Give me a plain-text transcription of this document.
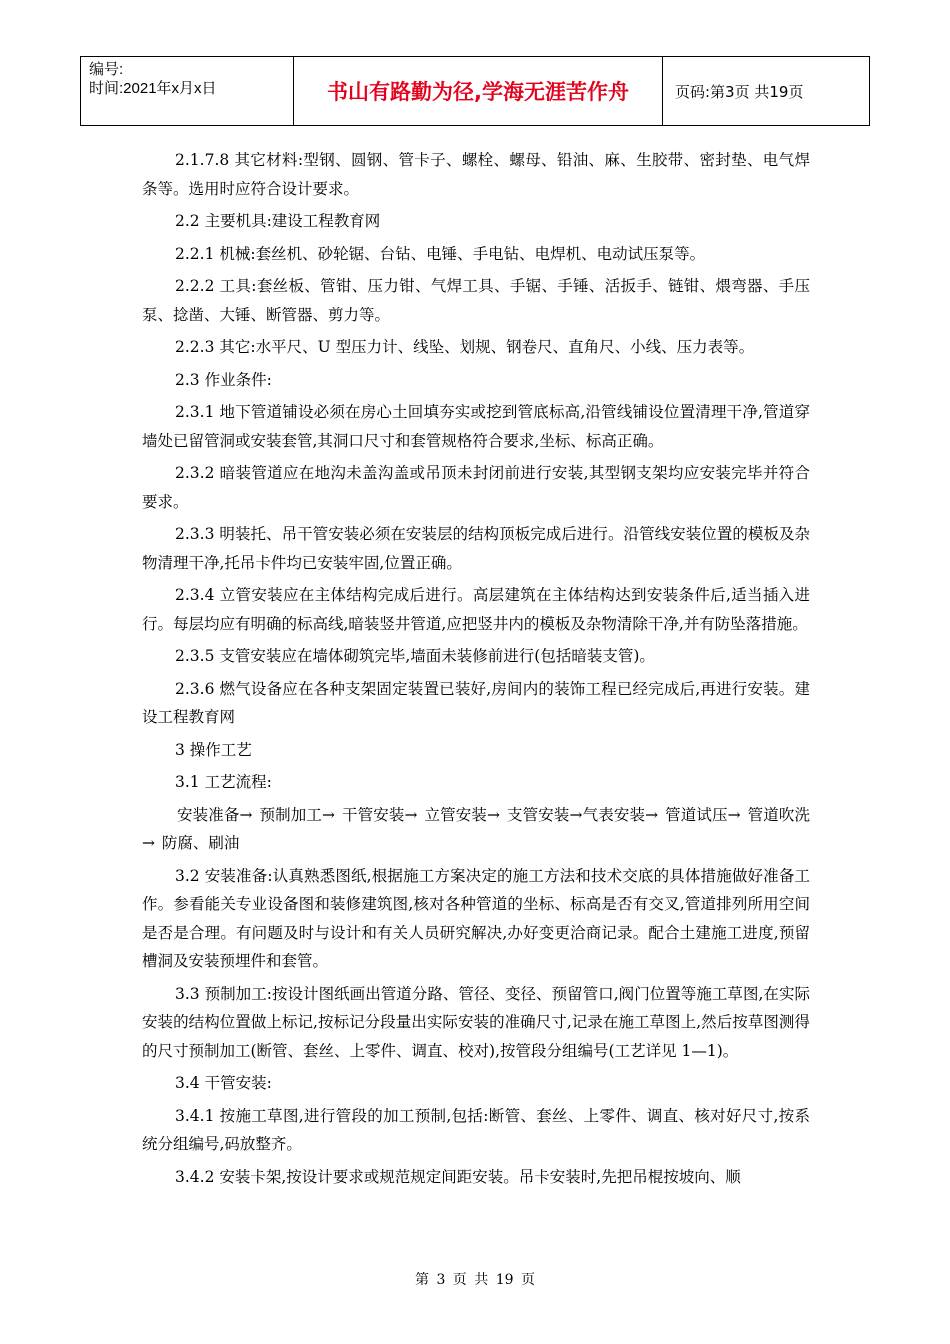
编号:
时间:2021年x月x日	书山有路勤为径,学海无涯苦作舟	页码:第3页 共19页

2.1.7.8 其它材料:型钢、圆钢、管卡子、螺栓、螺母、铅油、麻、生胶带、密封垫、电气焊条等。选用时应符合设计要求。

2.2 主要机具:建设工程教育网

2.2.1 机械:套丝机、砂轮锯、台钻、电锤、手电钻、电焊机、电动试压泵等。

2.2.2 工具:套丝板、管钳、压力钳、气焊工具、手锯、手锤、活扳手、链钳、煨弯器、手压泵、捻凿、大锤、断管器、剪力等。

2.2.3 其它:水平尺、U 型压力计、线坠、划规、钢卷尺、直角尺、小线、压力表等。

2.3 作业条件:

2.3.1 地下管道铺设必须在房心土回填夯实或挖到管底标高,沿管线铺设位置清理干净,管道穿墙处已留管洞或安装套管,其洞口尺寸和套管规格符合要求,坐标、标高正确。

2.3.2 暗装管道应在地沟未盖沟盖或吊顶未封闭前进行安装,其型钢支架均应安装完毕并符合要求。

2.3.3 明装托、吊干管安装必须在安装层的结构顶板完成后进行。沿管线安装位置的模板及杂物清理干净,托吊卡件均已安装牢固,位置正确。

2.3.4 立管安装应在主体结构完成后进行。高层建筑在主体结构达到安装条件后,适当插入进行。每层均应有明确的标高线,暗装竖井管道,应把竖井内的模板及杂物清除干净,并有防坠落措施。

2.3.5 支管安装应在墙体砌筑完毕,墙面未装修前进行(包括暗装支管)。

2.3.6 燃气设备应在各种支架固定装置已装好,房间内的装饰工程已经完成后,再进行安装。建设工程教育网

3 操作工艺

3.1 工艺流程:

安装准备→ 预制加工→ 干管安装→ 立管安装→ 支管安装→气表安装→ 管道试压→ 管道吹洗→ 防腐、刷油

3.2 安装准备:认真熟悉图纸,根据施工方案决定的施工方法和技术交底的具体措施做好准备工作。参看能关专业设备图和装修建筑图,核对各种管道的坐标、标高是否有交叉,管道排列所用空间是否是合理。有问题及时与设计和有关人员研究解决,办好变更洽商记录。配合土建施工进度,预留槽洞及安装预埋件和套管。

3.3 预制加工:按设计图纸画出管道分路、管径、变径、预留管口,阀门位置等施工草图,在实际安装的结构位置做上标记,按标记分段量出实际安装的准确尺寸,记录在施工草图上,然后按草图测得的尺寸预制加工(断管、套丝、上零件、调直、校对),按管段分组编号(工艺详见 1—1)。

3.4 干管安装:

3.4.1 按施工草图,进行管段的加工预制,包括:断管、套丝、上零件、调直、核对好尺寸,按系统分组编号,码放整齐。

3.4.2 安装卡架,按设计要求或规范规定间距安装。吊卡安装时,先把吊棍按坡向、顺

第 3 页 共 19 页
